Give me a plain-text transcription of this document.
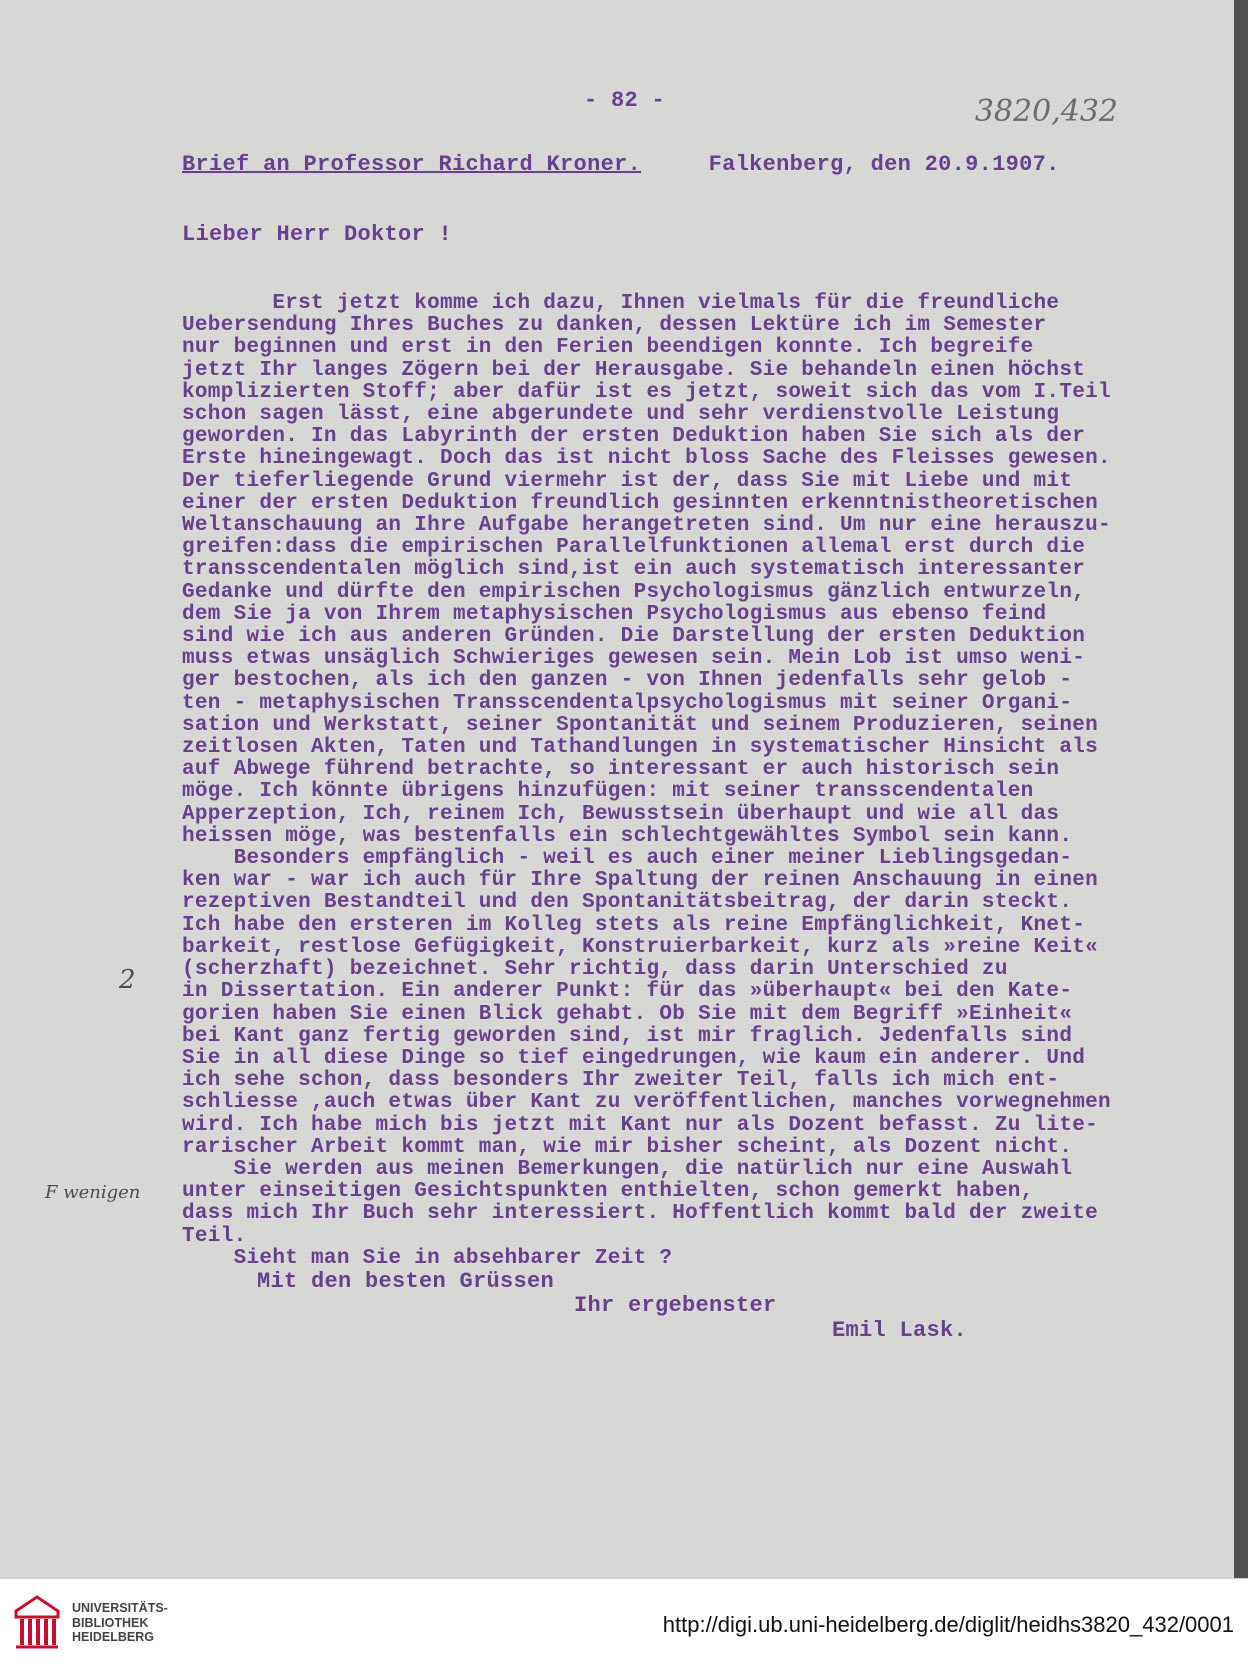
- 82 -	3820,432
Brief an Professor Richard Kroner.	Falkenberg, den 20.9.1907.
Lieber Herr Doktor !
Erst jetzt komme ich dazu, Ihnen vielmals für die freundliche
Uebersendung Ihres Buches zu danken, dessen Lektüre ich im Semester
nur beginnen und erst in den Ferien beendigen konnte. Ich begreife
jetzt Ihr langes Zögern bei der Herausgabe. Sie behandeln einen höchst
komplizierten Stoff; aber dafür ist es jetzt, soweit sich das vom I.Teil
schon sagen lässt, eine abgerundete und sehr verdienstvolle Leistung
geworden. In das Labyrinth der ersten Deduktion haben Sie sich als der
Erste hineingewagt. Doch das ist nicht bloss Sache des Fleisses gewesen.
Der tieferliegende Grund viermehr ist der, dass Sie mit Liebe und mit
einer der ersten Deduktion freundlich gesinnten erkenntnistheoretischen
Weltanschauung an Ihre Aufgabe herangetreten sind. Um nur eine herauszu-
greifen:dass die empirischen Parallelfunktionen allemal erst durch die
transscendentalen möglich sind,ist ein auch systematisch interessanter
Gedanke und dürfte den empirischen Psychologismus gänzlich entwurzeln,
dem Sie ja von Ihrem metaphysischen Psychologismus aus ebenso feind
sind wie ich aus anderen Gründen. Die Darstellung der ersten Deduktion
muss etwas unsäglich Schwieriges gewesen sein. Mein Lob ist umso weni-
ger bestochen, als ich den ganzen - von Ihnen jedenfalls sehr gelob -
ten - metaphysischen Transscendentalpsychologismus mit seiner Organi-
sation und Werkstatt, seiner Spontanität und seinem Produzieren, seinen
zeitlosen Akten, Taten und Tathandlungen in systematischer Hinsicht als
auf Abwege führend betrachte, so interessant er auch historisch sein
möge. Ich könnte übrigens hinzufügen: mit seiner transscendentalen
Apperzeption, Ich, reinem Ich, Bewusstsein überhaupt und wie all das
heissen möge, was bestenfalls ein schlechtgewähltes Symbol sein kann.
Besonders empfänglich - weil es auch einer meiner Lieblingsgedan-
ken war - war ich auch für Ihre Spaltung der reinen Anschauung in einen
rezeptiven Bestandteil und den Spontanitätsbeitrag, der darin steckt.
Ich habe den ersteren im Kolleg stets als reine Empfänglichkeit, Knet-
barkeit, restlose Gefügigkeit, Konstruierbarkeit, kurz als »reine Keit«
(scherzhaft) bezeichnet. Sehr richtig, dass darin Unterschied zu
in Dissertation. Ein anderer Punkt: für das »überhaupt« bei den Kate-
gorien haben Sie einen Blick gehabt. Ob Sie mit dem Begriff »Einheit«
bei Kant ganz fertig geworden sind, ist mir fraglich. Jedenfalls sind
Sie in all diese Dinge so tief eingedrungen, wie kaum ein anderer. Und
ich sehe schon, dass besonders Ihr zweiter Teil, falls ich mich ent-
schliesse ,auch etwas über Kant zu veröffentlichen, manches vorwegnehmen
wird. Ich habe mich bis jetzt mit Kant nur als Dozent befasst. Zu lite-
rarischer Arbeit kommt man, wie mir bisher scheint, als Dozent nicht.
Sie werden aus meinen Bemerkungen, die natürlich nur eine Auswahl
unter einseitigen Gesichtspunkten enthielten, schon gemerkt haben,
dass mich Ihr Buch sehr interessiert. Hoffentlich kommt bald der zweite
Teil.
Sieht man Sie in absehbarer Zeit ?
Mit den besten Grüssen
Ihr ergebenster
Emil Lask.
2
F wenigen
UNIVERSITÄTS-
BIBLIOTHEK
HEIDELBERG	http://digi.ub.uni-heidelberg.de/diglit/heidhs3820_432/0001
